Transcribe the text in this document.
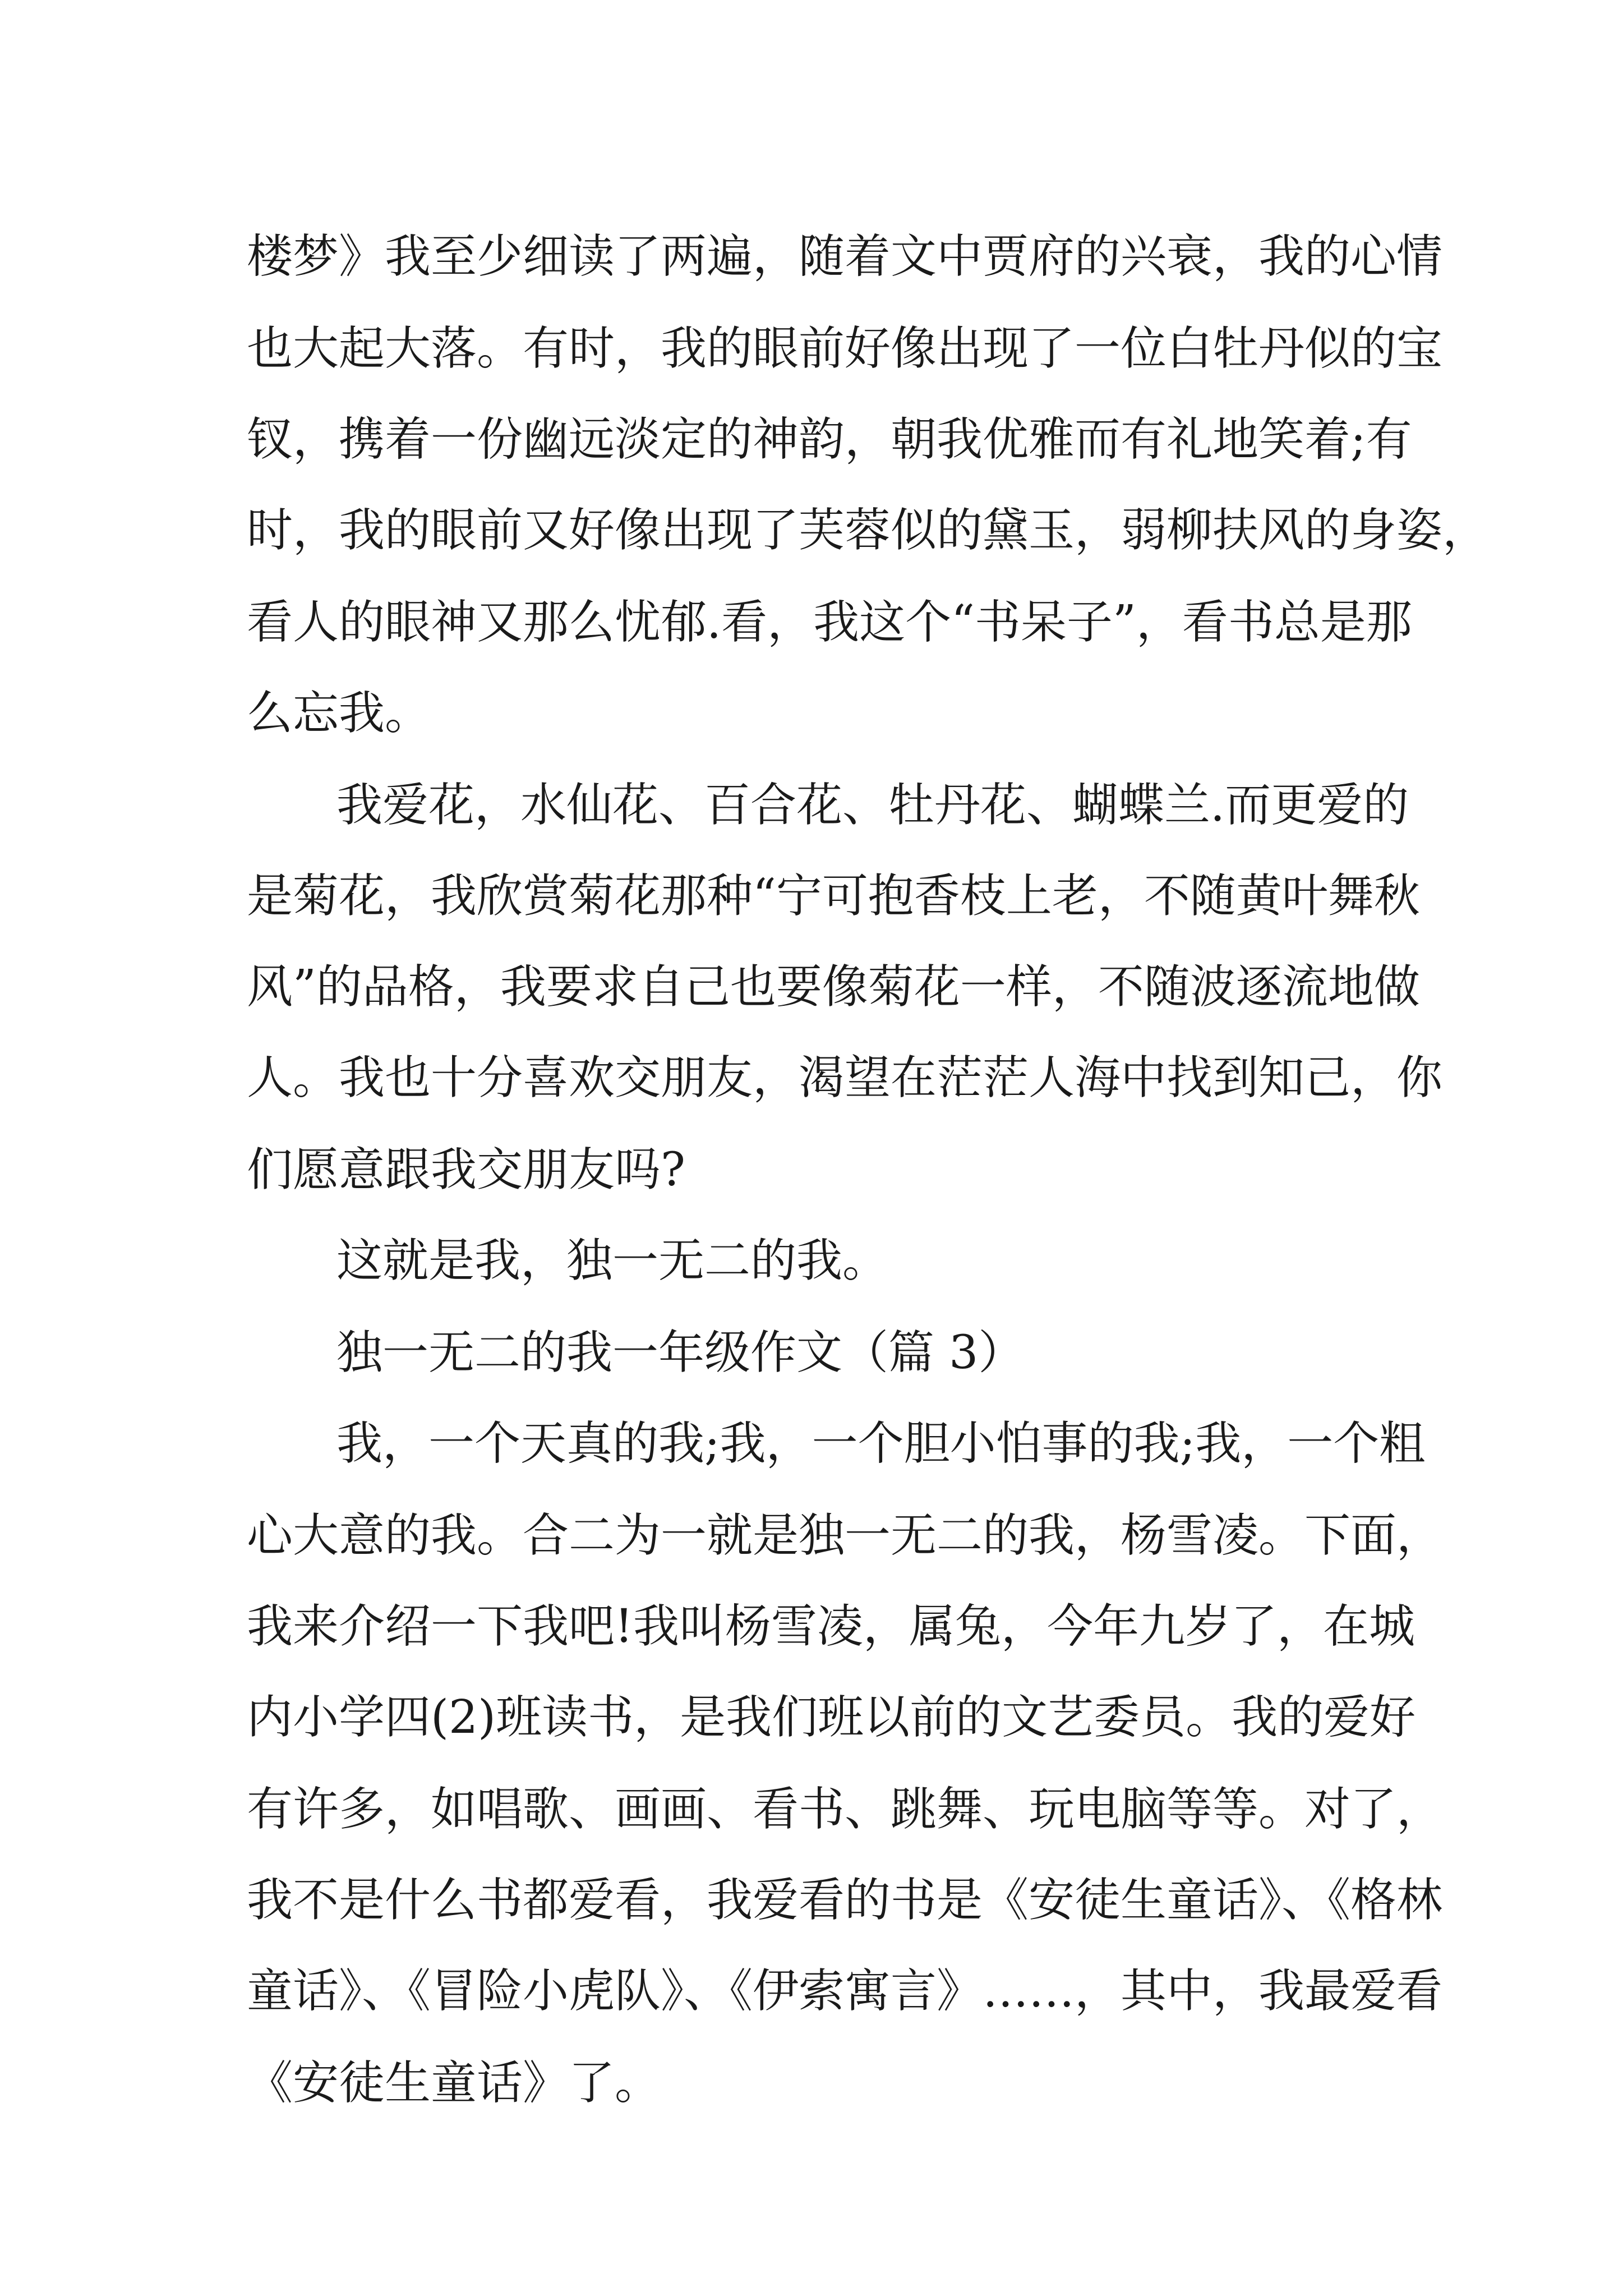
楼梦》我至少细读了两遍，随着文中贾府的兴衰，我的心情
也大起大落。有时，我的眼前好像出现了一位白牡丹似的宝
钗，携着一份幽远淡定的神韵，朝我优雅而有礼地笑着;有
时，我的眼前又好像出现了芙蓉似的黛玉，弱柳扶风的身姿，
看人的眼神又那么忧郁.看，我这个“书呆子”，看书总是那
么忘我。
我爱花，水仙花、百合花、牡丹花、蝴蝶兰.而更爱的
是菊花，我欣赏菊花那种“宁可抱香枝上老，不随黄叶舞秋
风”的品格，我要求自己也要像菊花一样，不随波逐流地做
人。我也十分喜欢交朋友，渴望在茫茫人海中找到知己，你
们愿意跟我交朋友吗?
这就是我，独一无二的我。
独一无二的我一年级作文（篇 3）
我，一个天真的我;我，一个胆小怕事的我;我，一个粗
心大意的我。合二为一就是独一无二的我，杨雪凌。下面，
我来介绍一下我吧!我叫杨雪凌，属兔，今年九岁了，在城
内小学四(2)班读书，是我们班以前的文艺委员。我的爱好
有许多，如唱歌、画画、看书、跳舞、玩电脑等等。对了，
我不是什么书都爱看，我爱看的书是《安徒生童话》、《格林
童话》、《冒险小虎队》、《伊索寓言》……，其中，我最爱看
《安徒生童话》了。
